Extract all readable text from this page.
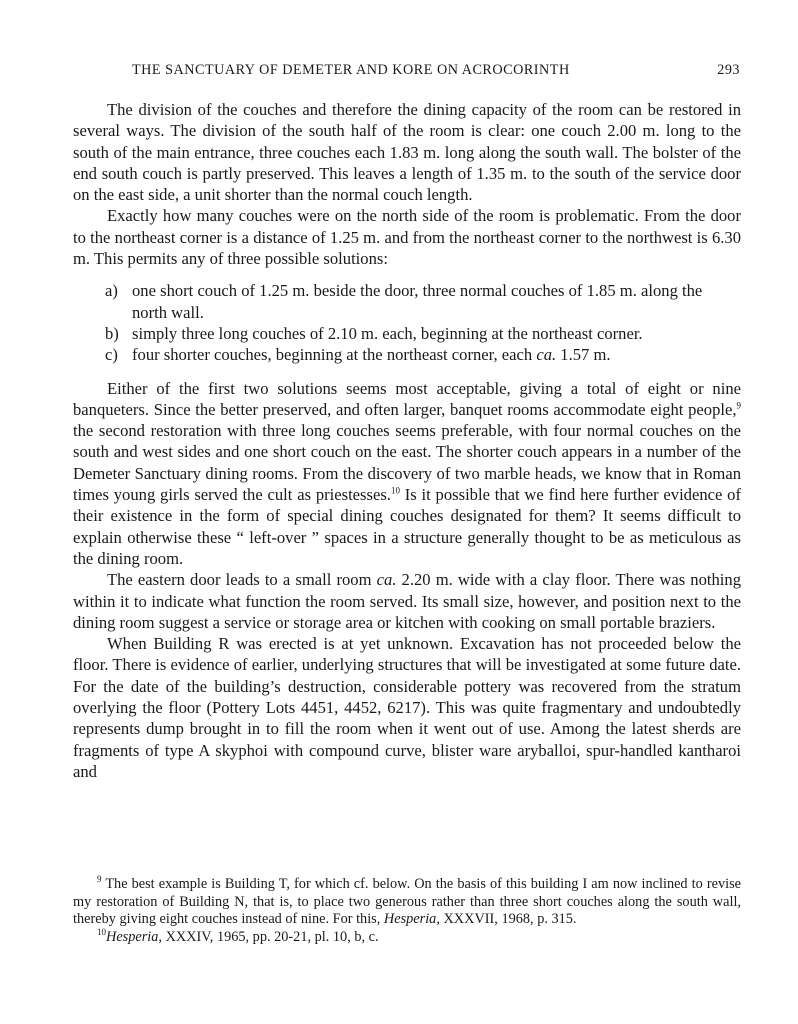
THE SANCTUARY OF DEMETER AND KORE ON ACROCORINTH	293

The division of the couches and therefore the dining capacity of the room can be restored in several ways. The division of the south half of the room is clear: one couch 2.00 m. long to the south of the main entrance, three couches each 1.83 m. long along the south wall. The bolster of the end south couch is partly preserved. This leaves a length of 1.35 m. to the south of the service door on the east side, a unit shorter than the normal couch length.

Exactly how many couches were on the north side of the room is problematic. From the door to the northeast corner is a distance of 1.25 m. and from the northeast corner to the northwest is 6.30 m. This permits any of three possible solutions:

a) one short couch of 1.25 m. beside the door, three normal couches of 1.85 m. along the north wall.
b) simply three long couches of 2.10 m. each, beginning at the northeast corner.
c) four shorter couches, beginning at the northeast corner, each ca. 1.57 m.

Either of the first two solutions seems most acceptable, giving a total of eight or nine banqueters. Since the better preserved, and often larger, banquet rooms accommodate eight people,$^9$ the second restoration with three long couches seems preferable, with four normal couches on the south and west sides and one short couch on the east. The shorter couch appears in a number of the Demeter Sanctuary dining rooms. From the discovery of two marble heads, we know that in Roman times young girls served the cult as priestesses.$^{10}$ Is it possible that we find here further evidence of their existence in the form of special dining couches designated for them? It seems difficult to explain otherwise these “ left-over ” spaces in a structure generally thought to be as meticulous as the dining room.

The eastern door leads to a small room ca. 2.20 m. wide with a clay floor. There was nothing within it to indicate what function the room served. Its small size, however, and position next to the dining room suggest a service or storage area or kitchen with cooking on small portable braziers.

When Building R was erected is at yet unknown. Excavation has not proceeded below the floor. There is evidence of earlier, underlying structures that will be investigated at some future date. For the date of the building’s destruction, considerable pottery was recovered from the stratum overlying the floor (Pottery Lots 4451, 4452, 6217). This was quite fragmentary and undoubtedly represents dump brought in to fill the room when it went out of use. Among the latest sherds are fragments of type A skyphoi with compound curve, blister ware aryballoi, spur-handled kantharoi and

$^9$ The best example is Building T, for which cf. below. On the basis of this building I am now inclined to revise my restoration of Building N, that is, to place two generous rather than three short couches along the south wall, thereby giving eight couches instead of nine. For this, Hesperia, XXXVII, 1968, p. 315.

$^{10}$Hesperia, XXXIV, 1965, pp. 20-21, pl. 10, b, c.
